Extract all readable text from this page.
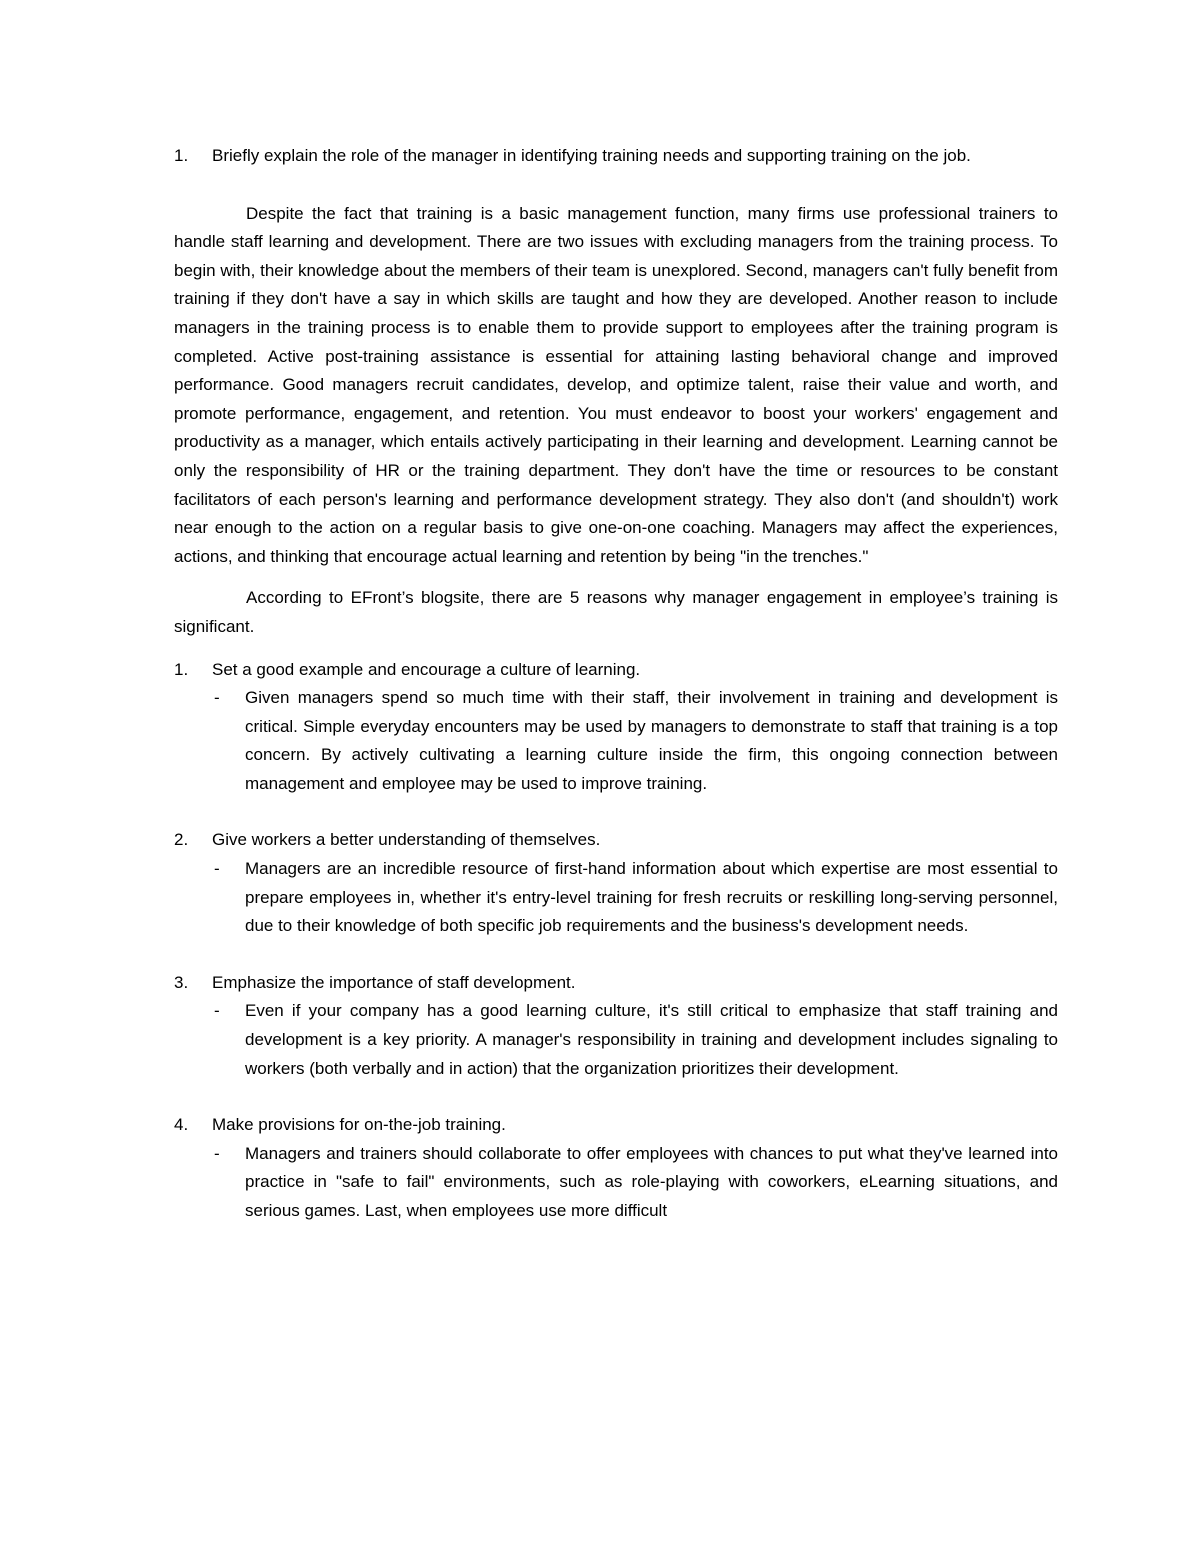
1. Briefly explain the role of the manager in identifying training needs and supporting training on the job.

Despite the fact that training is a basic management function, many firms use professional trainers to handle staff learning and development. There are two issues with excluding managers from the training process. To begin with, their knowledge about the members of their team is unexplored. Second, managers can't fully benefit from training if they don't have a say in which skills are taught and how they are developed. Another reason to include managers in the training process is to enable them to provide support to employees after the training program is completed. Active post-training assistance is essential for attaining lasting behavioral change and improved performance. Good managers recruit candidates, develop, and optimize talent, raise their value and worth, and promote performance, engagement, and retention. You must endeavor to boost your workers' engagement and productivity as a manager, which entails actively participating in their learning and development. Learning cannot be only the responsibility of HR or the training department. They don't have the time or resources to be constant facilitators of each person's learning and performance development strategy. They also don't (and shouldn't) work near enough to the action on a regular basis to give one-on-one coaching. Managers may affect the experiences, actions, and thinking that encourage actual learning and retention by being "in the trenches."

According to EFront’s blogsite, there are 5 reasons why manager engagement in employee’s training is significant.

1. Set a good example and encourage a culture of learning.

- Given managers spend so much time with their staff, their involvement in training and development is critical. Simple everyday encounters may be used by managers to demonstrate to staff that training is a top concern. By actively cultivating a learning culture inside the firm, this ongoing connection between management and employee may be used to improve training.

2. Give workers a better understanding of themselves.

- Managers are an incredible resource of first-hand information about which expertise are most essential to prepare employees in, whether it's entry-level training for fresh recruits or reskilling long-serving personnel, due to their knowledge of both specific job requirements and the business's development needs.

3. Emphasize the importance of staff development.

- Even if your company has a good learning culture, it's still critical to emphasize that staff training and development is a key priority. A manager's responsibility in training and development includes signaling to workers (both verbally and in action) that the organization prioritizes their development.

4. Make provisions for on-the-job training.

- Managers and trainers should collaborate to offer employees with chances to put what they've learned into practice in "safe to fail" environments, such as role-playing with coworkers, eLearning situations, and serious games. Last, when employees use more difficult
